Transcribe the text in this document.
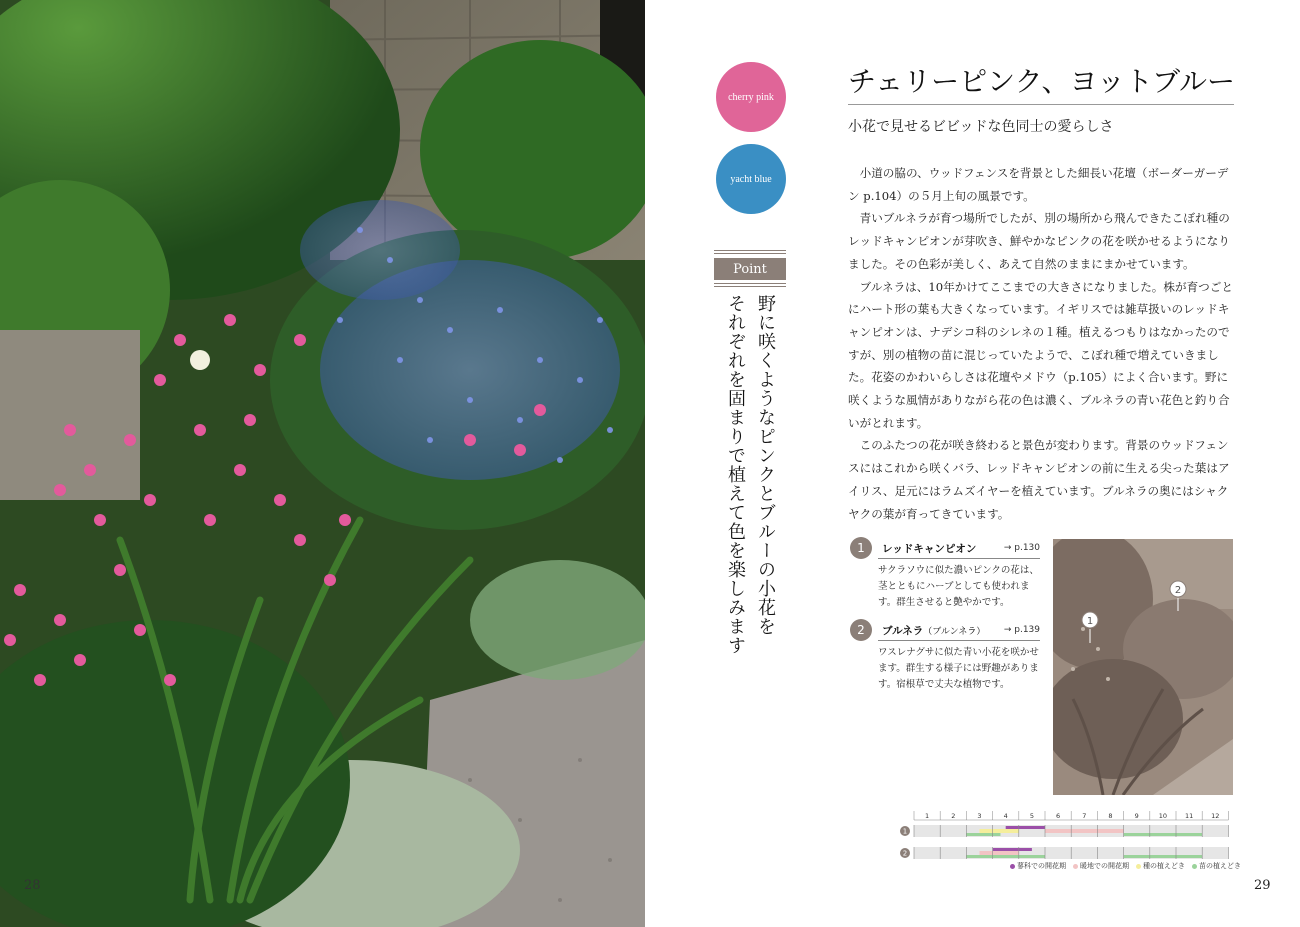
28
cherry pink
yacht blue
Point
野に咲くようなピンクとブルーの小花を
それぞれを固まりで植えて色を楽しみます
チェリーピンク、ヨットブルー
小花で見せるビビッドな色同士の愛らしさ

小道の脇の、ウッドフェンスを背景とした細長い花壇（ボーダーガーデン p.104）の５月上旬の風景です。

青いブルネラが育つ場所でしたが、別の場所から飛んできたこぼれ種のレッドキャンピオンが芽吹き、鮮やかなピンクの花を咲かせるようになりました。その色彩が美しく、あえて自然のままにまかせています。

ブルネラは、10年かけてここまでの大きさになりました。株が育つごとにハート形の葉も大きくなっています。イギリスでは雑草扱いのレッドキャンピオンは、ナデシコ科のシレネの１種。植えるつもりはなかったのですが、別の植物の苗に混じっていたようで、こぼれ種で増えていきました。花姿のかわいらしさは花壇やメドウ（p.105）によく合います。野に咲くような風情がありながら花の色は濃く、ブルネラの青い花色と釣り合いがとれます。

このふたつの花が咲き終わると景色が変わります。背景のウッドフェンスにはこれから咲くバラ、レッドキャンピオンの前に生える尖った葉はアイリス、足元にはラムズイヤーを植えています。ブルネラの奥にはシャクヤクの葉が育ってきています。

1	レッドキャンピオン	→ p.130
サクラソウに似た濃いピンクの花は、茎とともにハーブとしても使われます。群生させると艶やかです。
2	ブルネラ（ブルンネラ） → p.139
ワスレナグサに似た青い小花を咲かせます。群生する様子には野趣があります。宿根草で丈夫な植物です。
1
2
1	2	3	4	5	6	7	8	9	10	11	12
1
2
蓼科での開花期 暖地での開花期 種の植えどき 苗の植えどき
29
